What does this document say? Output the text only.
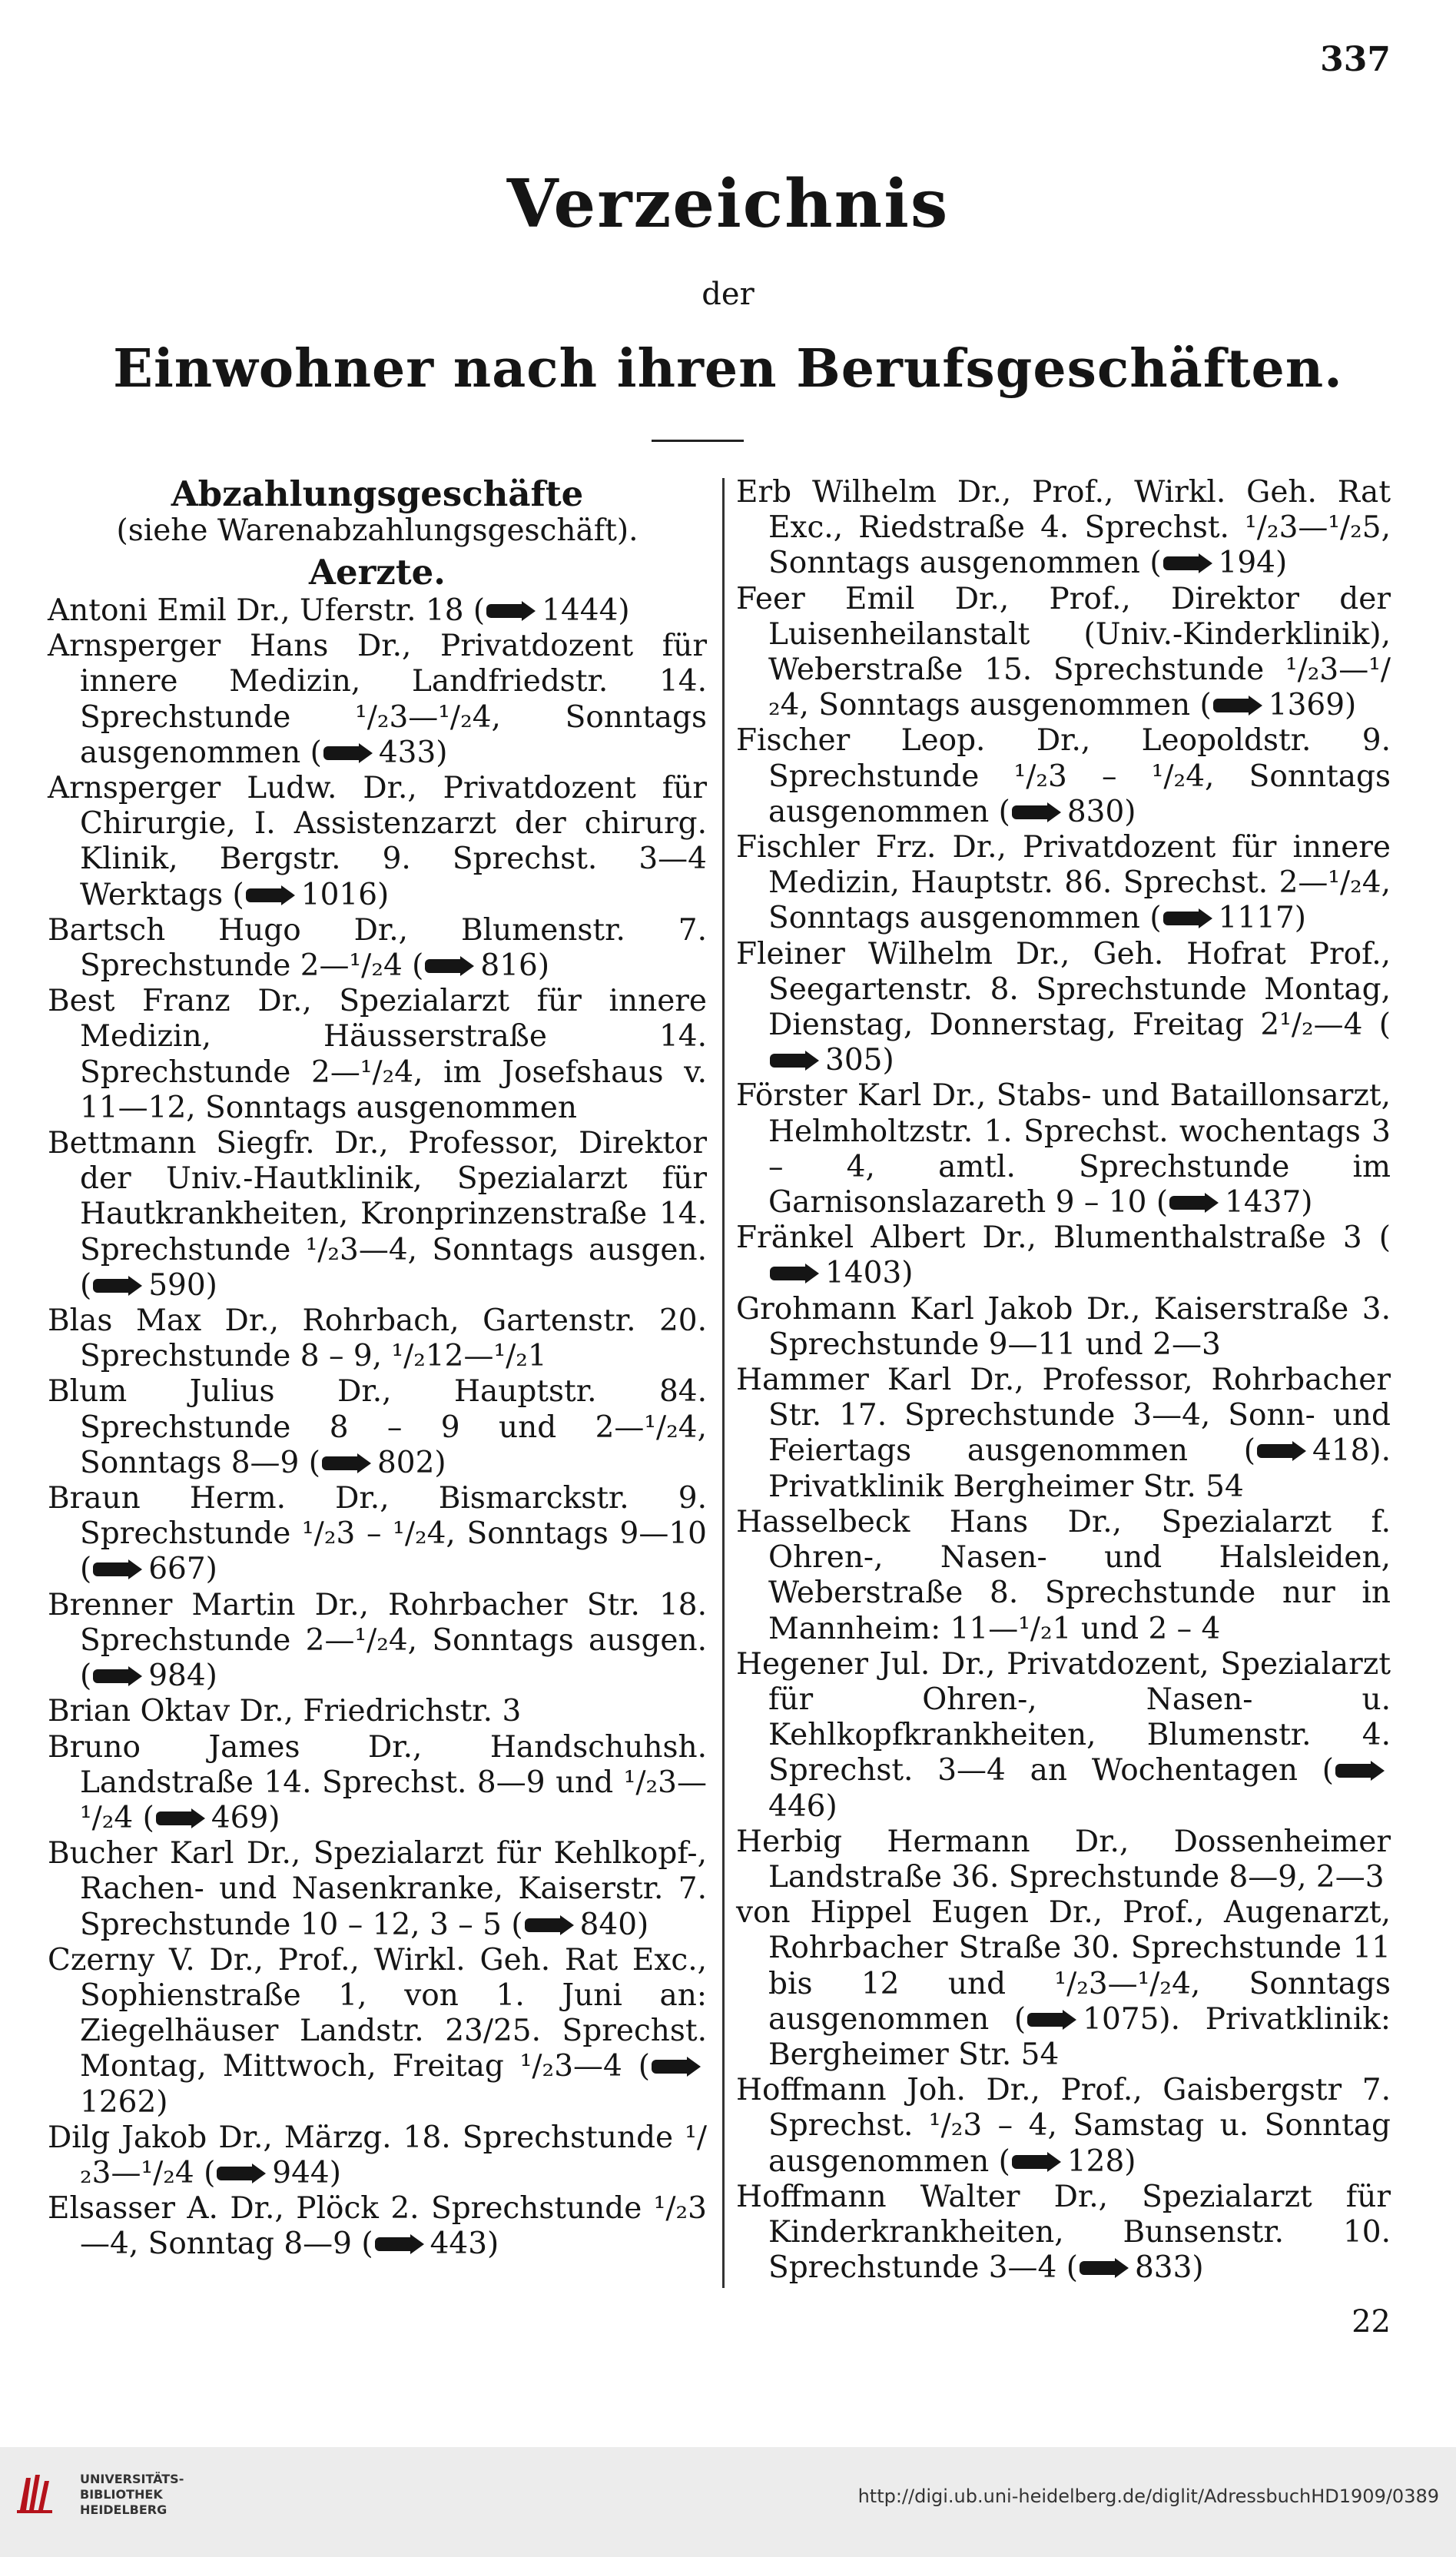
337
Verzeichnis
der
Einwohner nach ihren Berufsgeschäften.
Abzahlungsgeschäfte
(siehe Warenabzahlungsgeschäft).
Aerzte.
Antoni Emil Dr., Uferstr. 18 ( 1444)
Arnsperger Hans Dr., Privatdozent für innere Medizin, Landfriedstr. 14. Sprechstunde ¹/₂3—¹/₂4, Sonntags ausgenommen ( 433)
Arnsperger Ludw. Dr., Privatdozent für Chirurgie, I. Assistenzarzt der chirurg. Klinik, Bergstr. 9. Sprechst. 3—4 Werktags ( 1016)
Bartsch Hugo Dr., Blumenstr. 7. Sprechstunde 2—¹/₂4 ( 816)
Best Franz Dr., Spezialarzt für innere Medizin, Häusserstraße 14. Sprechstunde 2—¹/₂4, im Josefshaus v. 11—12, Sonntags ausgenommen
Bettmann Siegfr. Dr., Professor, Direktor der Univ.-Hautklinik, Spezialarzt für Hautkrankheiten, Kronprinzenstraße 14. Sprechstunde ¹/₂3—4, Sonntags ausgen. ( 590)
Blas Max Dr., Rohrbach, Gartenstr. 20. Sprechstunde 8 – 9, ¹/₂12—¹/₂1
Blum Julius Dr., Hauptstr. 84. Sprechstunde 8 – 9 und 2—¹/₂4, Sonntags 8—9 ( 802)
Braun Herm. Dr., Bismarckstr. 9. Sprechstunde ¹/₂3 – ¹/₂4, Sonntags 9—10 ( 667)
Brenner Martin Dr., Rohrbacher Str. 18. Sprechstunde 2—¹/₂4, Sonntags ausgen. ( 984)
Brian Oktav Dr., Friedrichstr. 3
Bruno James Dr., Handschuhsh. Landstraße 14. Sprechst. 8—9 und ¹/₂3—¹/₂4 ( 469)
Bucher Karl Dr., Spezialarzt für Kehlkopf-, Rachen- und Nasenkranke, Kaiserstr. 7. Sprechstunde 10 – 12, 3 – 5 ( 840)
Czerny V. Dr., Prof., Wirkl. Geh. Rat Exc., Sophienstraße 1, von 1. Juni an: Ziegelhäuser Landstr. 23/25. Sprechst. Montag, Mittwoch, Freitag ¹/₂3—4 (1262)
Dilg Jakob Dr., Märzg. 18. Sprechstunde ¹/₂3—¹/₂4 ( 944)
Elsasser A. Dr., Plöck 2. Sprechstunde ¹/₂3—4, Sonntag 8—9 ( 443)
Erb Wilhelm Dr., Prof., Wirkl. Geh. Rat Exc., Riedstraße 4. Sprechst. ¹/₂3—¹/₂5, Sonntags ausgenommen ( 194)
Feer Emil Dr., Prof., Direktor der Luisenheilanstalt (Univ.-Kinderklinik), Weberstraße 15. Sprechstunde ¹/₂3—¹/₂4, Sonntags ausgenommen ( 1369)
Fischer Leop. Dr., Leopoldstr. 9. Sprechstunde ¹/₂3 – ¹/₂4, Sonntags ausgenommen ( 830)
Fischler Frz. Dr., Privatdozent für innere Medizin, Hauptstr. 86. Sprechst. 2—¹/₂4, Sonntags ausgenommen ( 1117)
Fleiner Wilhelm Dr., Geh. Hofrat Prof., Seegartenstr. 8. Sprechstunde Montag, Dienstag, Donnerstag, Freitag 2¹/₂—4 (305)
Förster Karl Dr., Stabs- und Bataillonsarzt, Helmholtzstr. 1. Sprechst. wochentags 3 – 4, amtl. Sprechstunde im Garnisonslazareth 9 – 10 ( 1437)
Fränkel Albert Dr., Blumenthalstraße 3 (1403)
Grohmann Karl Jakob Dr., Kaiserstraße 3. Sprechstunde 9—11 und 2—3
Hammer Karl Dr., Professor, Rohrbacher Str. 17. Sprechstunde 3—4, Sonn- und Feiertags ausgenommen ( 418). Privatklinik Bergheimer Str. 54
Hasselbeck Hans Dr., Spezialarzt f. Ohren-, Nasen- und Halsleiden, Weberstraße 8. Sprechstunde nur in Mannheim: 11—¹/₂1 und 2 – 4
Hegener Jul. Dr., Privatdozent, Spezialarzt für Ohren-, Nasen- u. Kehlkopfkrankheiten, Blumenstr. 4. Sprechst. 3—4 an Wochentagen (446)
Herbig Hermann Dr., Dossenheimer Landstraße 36. Sprechstunde 8—9, 2—3
von Hippel Eugen Dr., Prof., Augenarzt, Rohrbacher Straße 30. Sprechstunde 11 bis 12 und ¹/₂3—¹/₂4, Sonntags ausgenommen ( 1075). Privatklinik: Bergheimer Str. 54
Hoffmann Joh. Dr., Prof., Gaisbergstr 7. Sprechst. ¹/₂3 – 4, Samstag u. Sonntag ausgenommen ( 128)
Hoffmann Walter Dr., Spezialarzt für Kinderkrankheiten, Bunsenstr. 10. Sprechstunde 3—4 ( 833)
22
UNIVERSITÄTS-
BIBLIOTHEK
HEIDELBERG
http://digi.ub.uni-heidelberg.de/diglit/AdressbuchHD1909/0389
